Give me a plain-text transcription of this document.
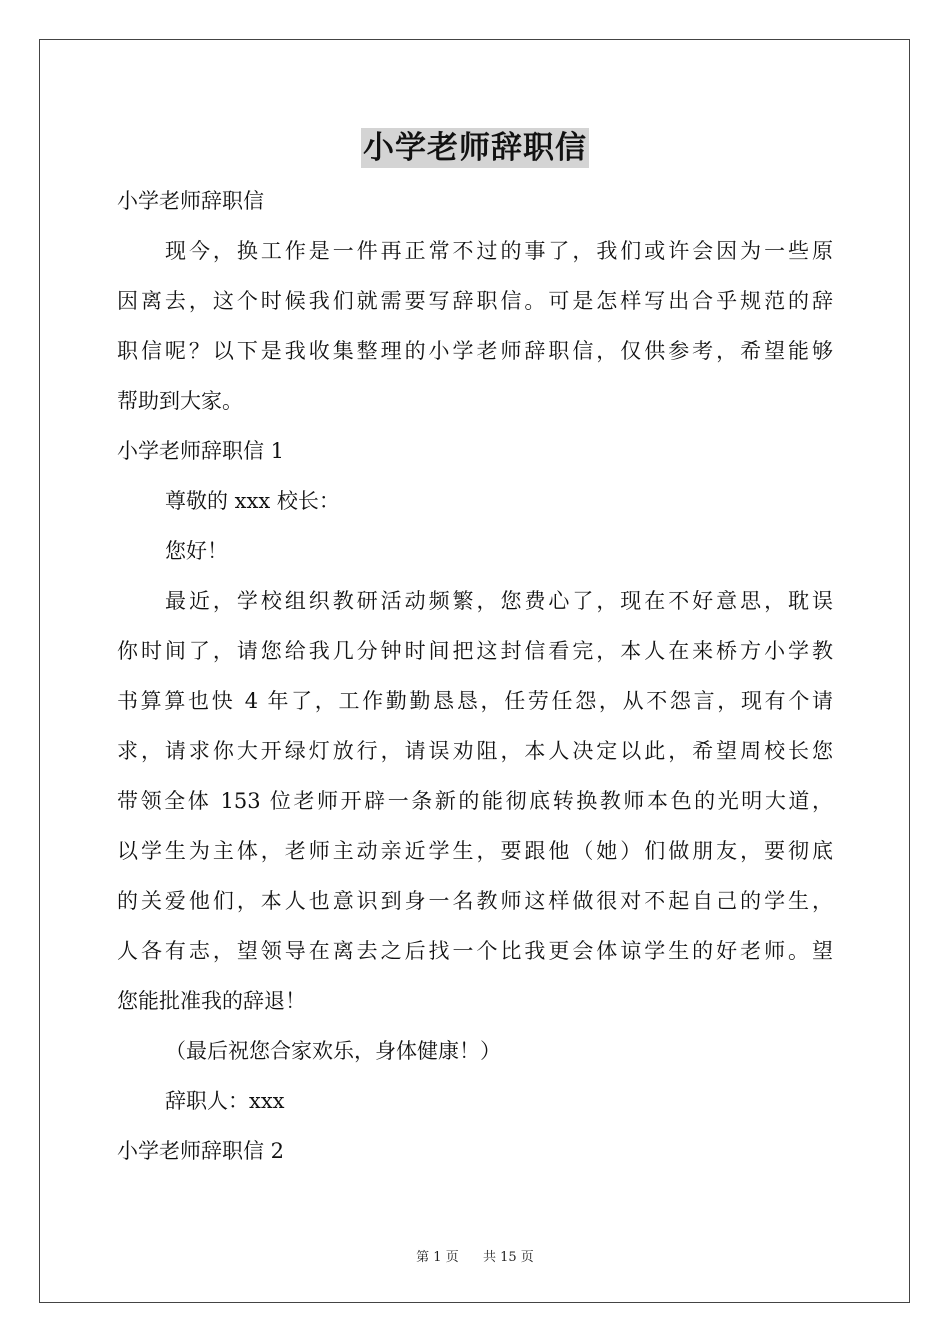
小学老师辞职信

小学老师辞职信

现今，换工作是一件再正常不过的事了，我们或许会因为一些原

因离去，这个时候我们就需要写辞职信。可是怎样写出合乎规范的辞

职信呢？以下是我收集整理的小学老师辞职信，仅供参考，希望能够

帮助到大家。

小学老师辞职信 1

尊敬的 xxx 校长：

您好！

最近，学校组织教研活动频繁，您费心了，现在不好意思，耽误

你时间了，请您给我几分钟时间把这封信看完，本人在来桥方小学教

书算算也快 4 年了，工作勤勤恳恳，任劳任怨，从不怨言，现有个请

求，请求你大开绿灯放行，请误劝阻，本人决定以此，希望周校长您

带领全体 153 位老师开辟一条新的能彻底转换教师本色的光明大道，

以学生为主体，老师主动亲近学生，要跟他（她）们做朋友，要彻底

的关爱他们，本人也意识到身一名教师这样做很对不起自己的学生，

人各有志，望领导在离去之后找一个比我更会体谅学生的好老师。望

您能批准我的辞退！

（最后祝您合家欢乐，身体健康！）

辞职人：xxx

小学老师辞职信 2

第 1 页 共 15 页
